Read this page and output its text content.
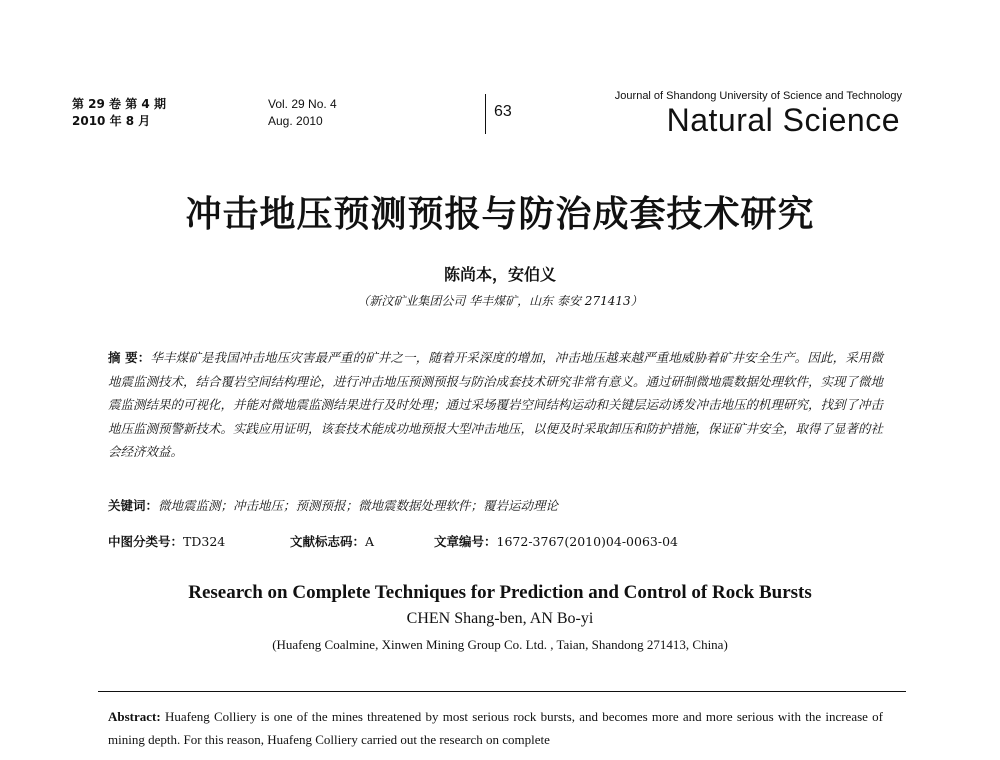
第 29 卷 第 4 期
2010 年 8 月
Vol. 29 No. 4
Aug. 2010
63
Journal of Shandong University of Science and Technology
Natural Science
冲击地压预测预报与防治成套技术研究
陈尚本，安伯义
（新汶矿业集团公司 华丰煤矿，山东 泰安 271413）
摘 要：华丰煤矿是我国冲击地压灾害最严重的矿井之一，随着开采深度的增加，冲击地压越来越严重地威胁着矿井安全生产。因此，采用微地震监测技术，结合覆岩空间结构理论，进行冲击地压预测预报与防治成套技术研究非常有意义。通过研制微地震数据处理软件，实现了微地震监测结果的可视化，并能对微地震监测结果进行及时处理；通过采场覆岩空间结构运动和关键层运动诱发冲击地压的机理研究，找到了冲击地压监测预警新技术。实践应用证明，该套技术能成功地预报大型冲击地压，以便及时采取卸压和防护措施，保证矿井安全，取得了显著的社会经济效益。
关键词：微地震监测；冲击地压；预测预报；微地震数据处理软件；覆岩运动理论
中图分类号：TD324	文献标志码：A	文章编号：1672-3767(2010)04-0063-04
Research on Complete Techniques for Prediction and Control of Rock Bursts
CHEN Shang-ben, AN Bo-yi
(Huafeng Coalmine, Xinwen Mining Group Co. Ltd. , Taian, Shandong 271413, China)
Abstract: Huafeng Colliery is one of the mines threatened by most serious rock bursts, and becomes more and more serious with the increase of mining depth. For this reason, Huafeng Colliery carried out the research on complete
